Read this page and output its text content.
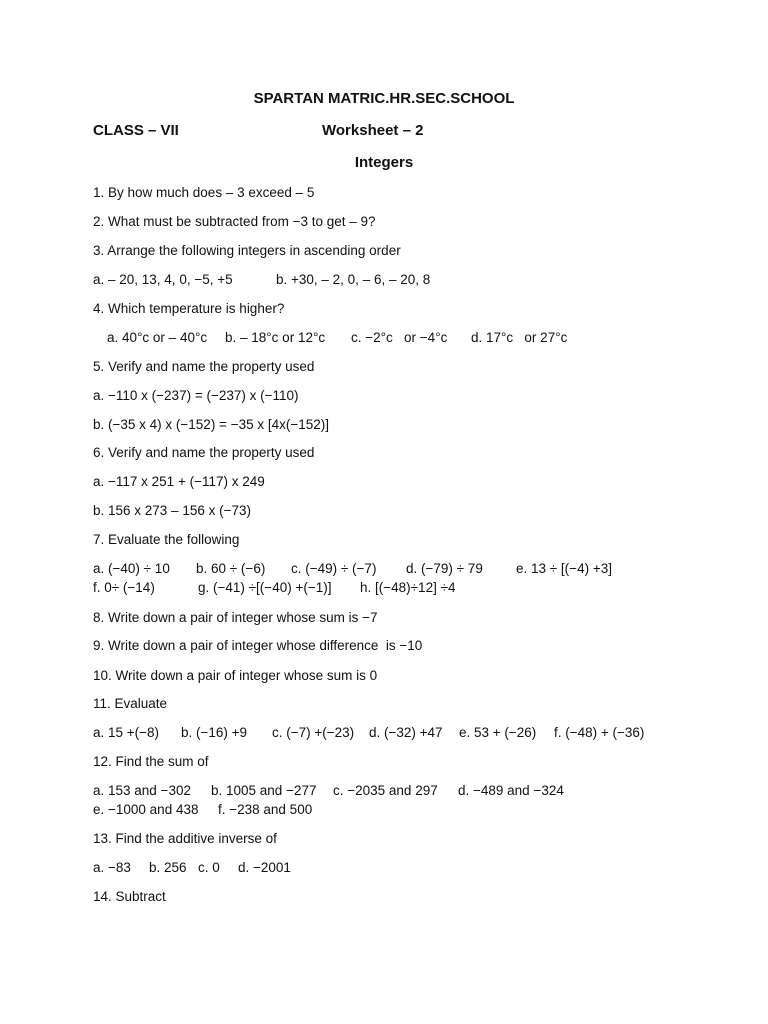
SPARTAN MATRIC.HR.SEC.SCHOOL
CLASS – VII	Worksheet – 2
Integers
1. By how much does – 3 exceed – 5
2. What must be subtracted from −3 to get – 9?
3. Arrange the following integers in ascending order

a. – 20, 13, 4, 0, −5, +5

	b. +30, – 2, 0, – 6, – 20, 8

4. Which temperature is higher?

a. 40°c or – 40°c

b. – 18°c or 12°c

c. −2°c   or −4°c

d. 17°c   or 27°c

5. Verify and name the property used
a. −110 x (−237) = (−237) x (−110)
b. (−35 x 4) x (−152) = −35 x [4x(−152)]
6. Verify and name the property used
a. −117 x 251 + (−117) x 249
b. 156 x 273 – 156 x (−73)
7. Evaluate the following

a. (−40) ÷ 10

b. 60 ÷ (−6)

c. (−49) ÷ (−7)

d. (−79) ÷ 79

e. 13 ÷ [(−4) +3]

f. 0÷ (−14)

	g. (−41) ÷[(−40) +(−1)]

h. [(−48)÷12] ÷4

8. Write down a pair of integer whose sum is −7
9. Write down a pair of integer whose difference  is −10
10. Write down a pair of integer whose sum is 0
11. Evaluate

a. 15 +(−8)

b. (−16) +9

c. (−7) +(−23)

d. (−32) +47

e. 53 + (−26)

f. (−48) + (−36)

12. Find the sum of

a. 153 and −302

b. 1005 and −277

c. −2035 and 297

d. −489 and −324

e. −1000 and 438

f. −238 and 500

13. Find the additive inverse of

a. −83

b. 256

c. 0

d. −2001

14. Subtract
